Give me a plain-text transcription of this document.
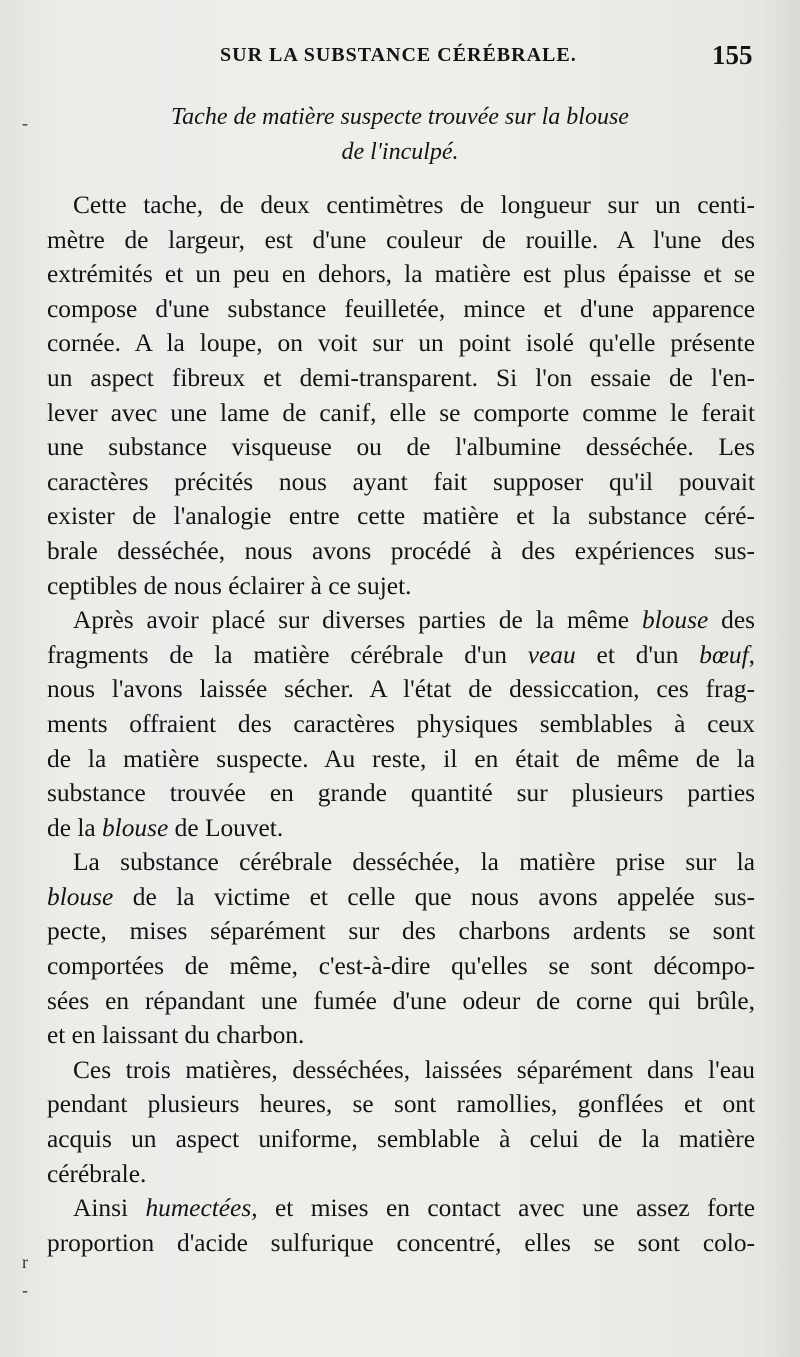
SUR LA SUBSTANCE CÉRÉBRALE.	155
-	Tache de matière suspecte trouvée sur la blouse
de l'inculpé.

Cette tache, de deux centimètres de longueur sur un centi-
mètre de largeur, est d'une couleur de rouille. A l'une des
extrémités et un peu en dehors, la matière est plus épaisse et se
compose d'une substance feuilletée, mince et d'une apparence
cornée. A la loupe, on voit sur un point isolé qu'elle présente
un aspect fibreux et demi-transparent. Si l'on essaie de l'en-
lever avec une lame de canif, elle se comporte comme le ferait
une substance visqueuse ou de l'albumine desséchée. Les
caractères précités nous ayant fait supposer qu'il pouvait
exister de l'analogie entre cette matière et la substance céré-
brale desséchée, nous avons procédé à des expériences sus-
ceptibles de nous éclairer à ce sujet.

Après avoir placé sur diverses parties de la même blouse des
fragments de la matière cérébrale d'un veau et d'un bœuf,
nous l'avons laissée sécher. A l'état de dessiccation, ces frag-
ments offraient des caractères physiques semblables à ceux
de la matière suspecte. Au reste, il en était de même de la
substance trouvée en grande quantité sur plusieurs parties
de la blouse de Louvet.

La substance cérébrale desséchée, la matière prise sur la
blouse de la victime et celle que nous avons appelée sus-
pecte, mises séparément sur des charbons ardents se sont
comportées de même, c'est-à-dire qu'elles se sont décompo-
sées en répandant une fumée d'une odeur de corne qui brûle,
et en laissant du charbon.

Ces trois matières, desséchées, laissées séparément dans l'eau
pendant plusieurs heures, se sont ramollies, gonflées et ont
acquis un aspect uniforme, semblable à celui de la matière
cérébrale.

Ainsi humectées, et mises en contact avec une assez forte
proportion d'acide sulfurique concentré, elles se sont colo-

r
-
